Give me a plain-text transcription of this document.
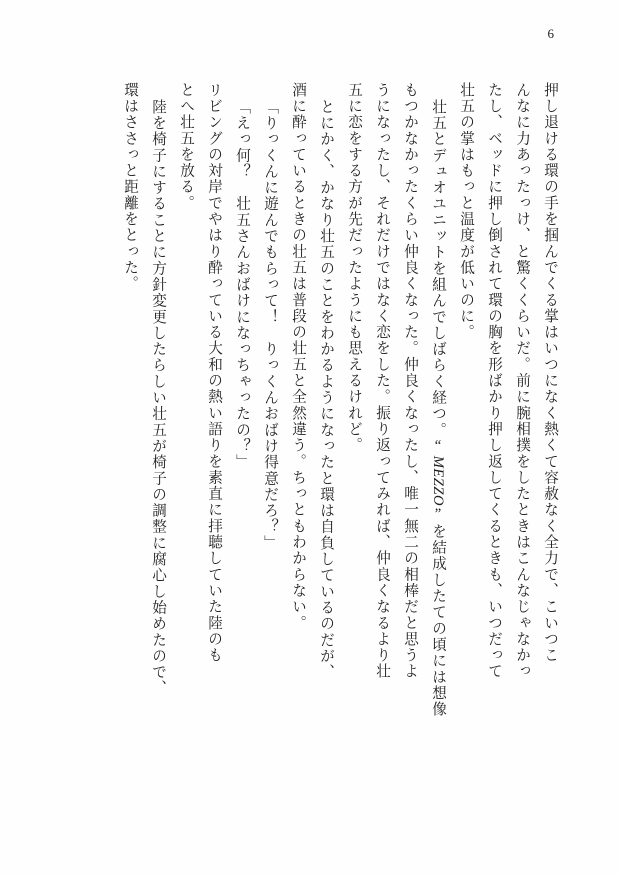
6
押し退ける環の手を掴んでくる掌はいつになく熱くて容赦なく全力で、こいつこ
んなに力あったっけ、と驚くくらいだ。前に腕相撲をしたときはこんなじゃなかっ
たし、ベッドに押し倒されて環の胸を形ばかり押し返してくるときも、いつだって
壮五の掌はもっと温度が低いのに。
壮五とデュオユニットを組んでしばらく経つ。“MEZZO”を結成したての頃には想像
もつかなかったくらい仲良くなった。仲良くなったし、唯一無二の相棒だと思うよ
うになったし、それだけではなく恋をした。振り返ってみれば、仲良くなるより壮
五に恋をする方が先だったようにも思えるけれど。
とにかく、かなり壮五のことをわかるようになったと環は自負しているのだが、
酒に酔っているときの壮五は普段の壮五と全然違う。ちっともわからない。
「りっくんに遊んでもらって！　りっくんおばけ得意だろ？」
「えっ何？　壮五さんおばけになっちゃったの？」
リビングの対岸でやはり酔っている大和の熱い語りを素直に拝聴していた陸のも
とへ壮五を放る。
陸を椅子にすることに方針変更したらしい壮五が椅子の調整に腐心し始めたので、
環はささっと距離をとった。
